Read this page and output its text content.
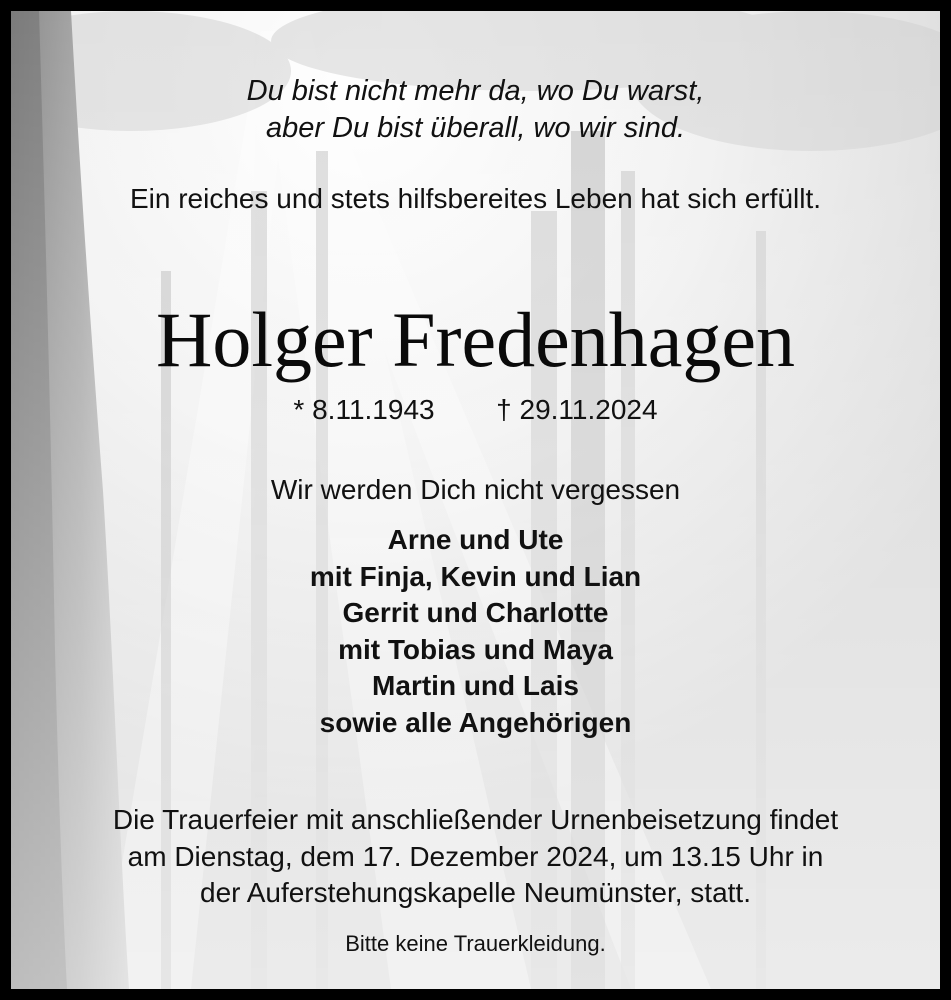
Du bist nicht mehr da, wo Du warst,
aber Du bist überall, wo wir sind.
Ein reiches und stets hilfsbereites Leben hat sich erfüllt.
Holger Fredenhagen
* 8.11.1943 † 29.11.2024
Wir werden Dich nicht vergessen
Arne und Ute
mit Finja, Kevin und Lian
Gerrit und Charlotte
mit Tobias und Maya
Martin und Lais
sowie alle Angehörigen
Die Trauerfeier mit anschließender Urnenbeisetzung findet
am Dienstag, dem 17. Dezember 2024, um 13.15 Uhr in
der Auferstehungskapelle Neumünster, statt.
Bitte keine Trauerkleidung.
